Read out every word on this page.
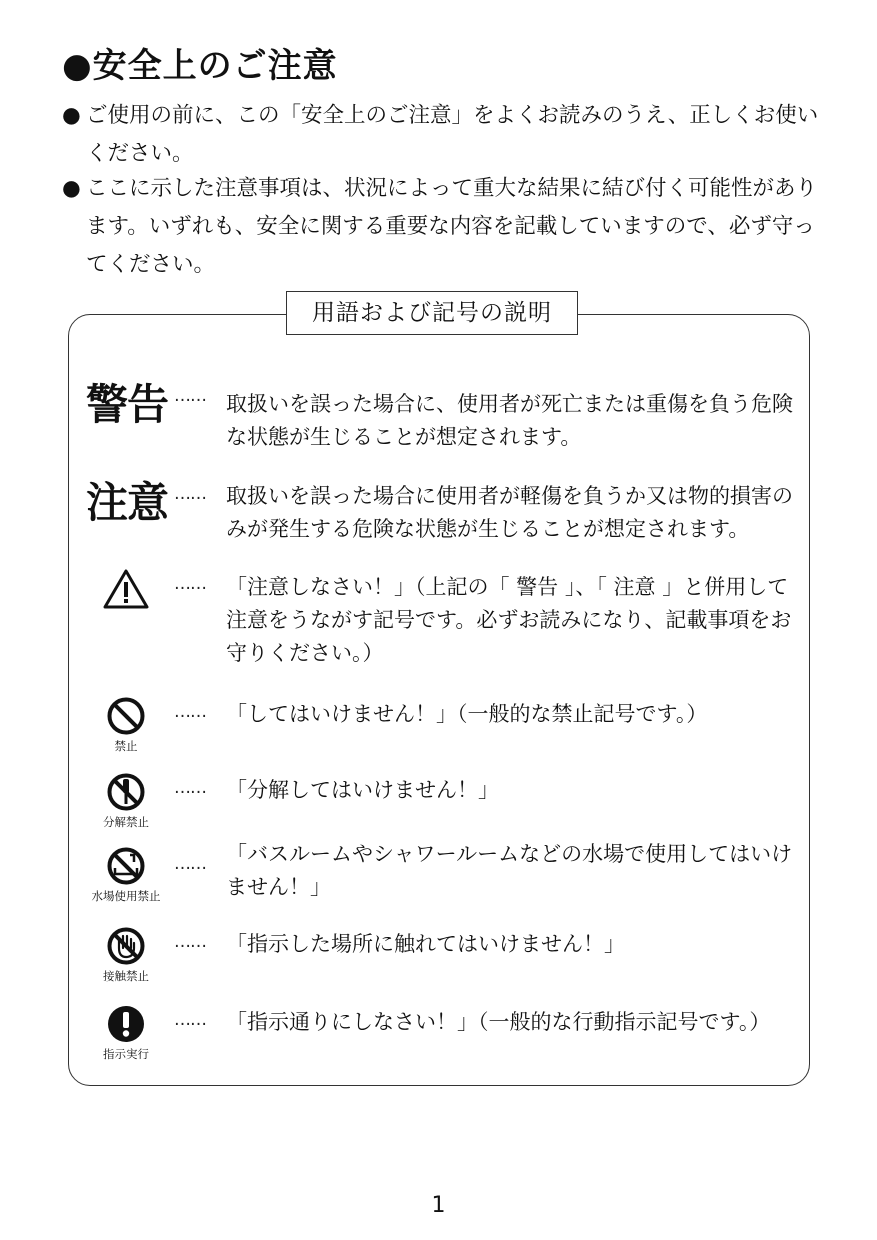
●安全上のご注意
● ご使用の前に、この「安全上のご注意」をよくお読みのうえ、正しくお使いください。
● ここに示した注意事項は、状況によって重大な結果に結び付く可能性があります。いずれも、安全に関する重要な内容を記載していますので、必ず守ってください。
用語および記号の説明
警告 …… 取扱いを誤った場合に、使用者が死亡または重傷を負う危険な状態が生じることが想定されます。
注意 …… 取扱いを誤った場合に使用者が軽傷を負うか又は物的損害のみが発生する危険な状態が生じることが想定されます。
…… 「注意しなさい！」（上記の「 警告 」、「 注意 」と併用して注意をうながす記号です。必ずお読みになり、記載事項をお守りください。）
禁止
…… 「してはいけません！」（一般的な禁止記号です。）
分解禁止
…… 「分解してはいけません！」
水場使用禁止
…… 「バスルームやシャワールームなどの水場で使用してはいけません！」
接触禁止
…… 「指示した場所に触れてはいけません！」
指示実行
…… 「指示通りにしなさい！」（一般的な行動指示記号です。）
1
